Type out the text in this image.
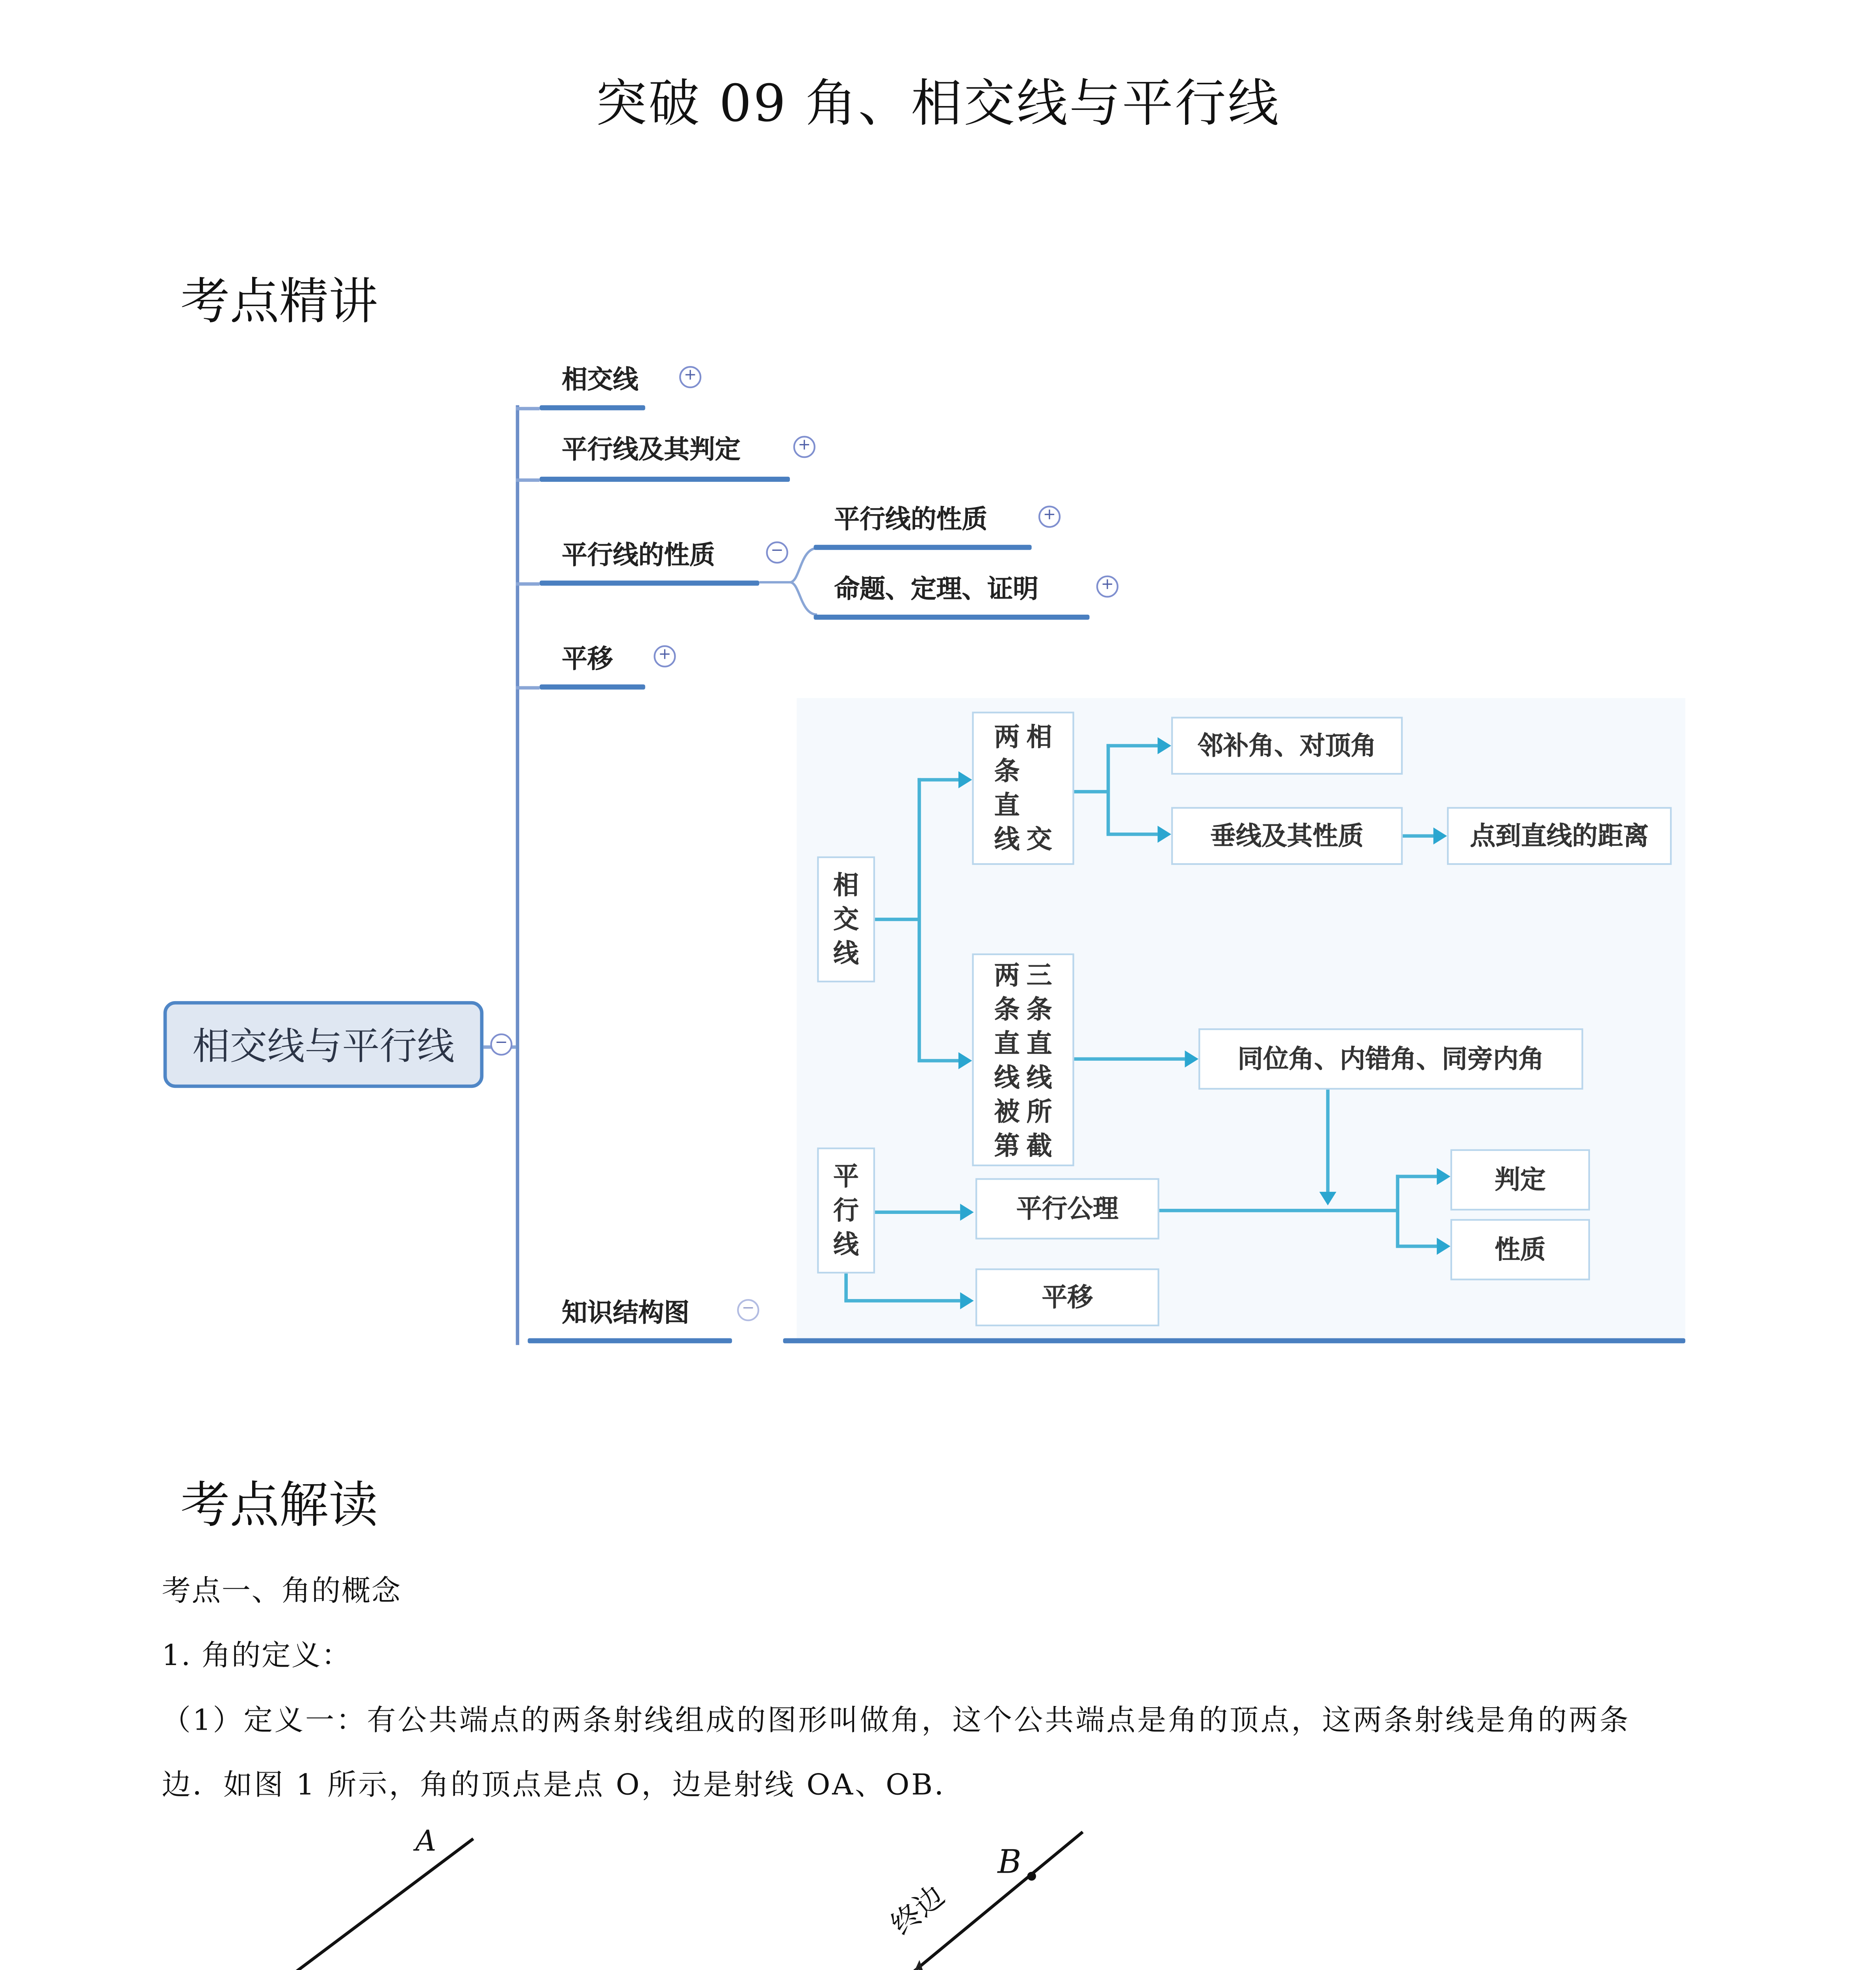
突破 09 角、相交线与平行线
考点精讲
相交线与平行线	−
相交线	+
平行线及其判定	+
平行线的性质	−
平行线的性质	+
命题、定理、证明	+
平移	+
相
交
线
两
条
直
线
相
交
邻补角、对顶角
垂线及其性质	点到直线的距离
两
条
直
线
被
第
三
条
直
线
所
截
同位角、内错角、同旁内角
平
行
线
平行公理
判定
性质
平移
知识结构图	−
考点解读
考点一、角的概念
1. 角的定义：
（1）定义一：有公共端点的两条射线组成的图形叫做角，这个公共端点是角的顶点，这两条射线是角的两条
边．如图 1 所示，角的顶点是点 O，边是射线 OA、OB．
A
B
终边
